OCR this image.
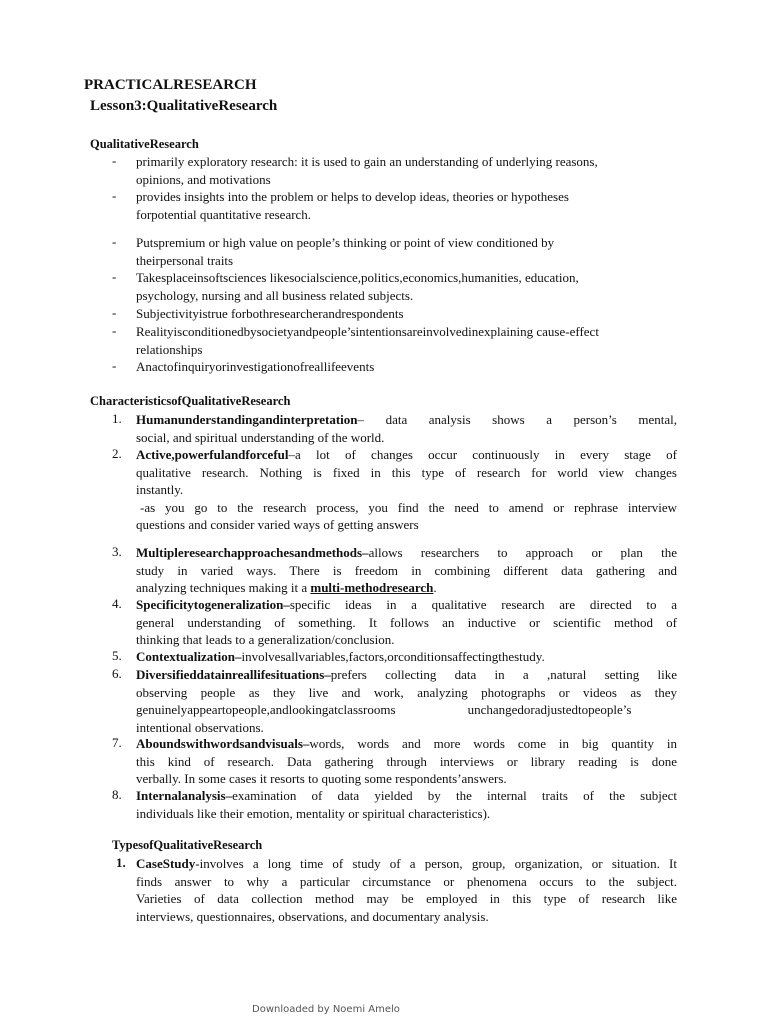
PRACTICALRESEARCH

Lesson3:QualitativeResearch

QualitativeResearch

- primarily exploratory research: it is used to gain an understanding of underlying reasons,
opinions, and motivations
- provides insights into the problem or helps to develop ideas, theories or hypotheses
forpotential quantitative research.
- Putspremium or high value on people’s thinking or point of view conditioned by
theirpersonal traits
- Takesplaceinsoftsciences likesocialscience,politics,economics,humanities, education,
psychology, nursing and all business related subjects.
- Subjectivityistrue forbothresearcherandrespondents
- Realityisconditionedbysocietyandpeople’sintentionsareinvolvedinexplaining cause-effect
relationships
- Anactofinquiryorinvestigationofreallifeevents

CharacteristicsofQualitativeResearch

1. Humanunderstandingandinterpretation– data analysis shows a person’s mental,
social, and spiritual understanding of the world.
2. Active,powerfulandforceful–a lot of changes occur continuously in every stage of
qualitative research. Nothing is fixed in this type of research for world view changes
instantly.
-as you go to the research process, you find the need to amend or rephrase interview
questions and consider varied ways of getting answers
3. Multipleresearchapproachesandmethods–allows researchers to approach or plan the
study in varied ways. There is freedom in combining different data gathering and
analyzing techniques making it a multi-methodresearch.
4. Specificitytogeneralization–specific ideas in a qualitative research are directed to a
general understanding of something. It follows an inductive or scientific method of
thinking that leads to a generalization/conclusion.
5. Contextualization–involvesallvariables,factors,orconditionsaffectingthestudy.
6. Diversifieddatainreallifesituations–prefers collecting data in a ,natural setting like
observing people as they live and work, analyzing photographs or videos as they
genuinelyappeartopeople,andlookingatclassrooms	unchangedoradjustedtopeople’s
intentional observations.
7. Aboundswithwordsandvisuals–words, words and more words come in big quantity in
this kind of research. Data gathering through interviews or library reading is done
verbally. In some cases it resorts to quoting some respondents’answers.
8. Internalanalysis–examination of data yielded by the internal traits of the subject
individuals like their emotion, mentality or spiritual characteristics).

TypesofQualitativeResearch

1. CaseStudy-involves a long time of study of a person, group, organization, or situation. It
finds answer to why a particular circumstance or phenomena occurs to the subject.
Varieties of data collection method may be employed in this type of research like
interviews, questionnaires, observations, and documentary analysis.
Downloaded by Noemi Amelo
